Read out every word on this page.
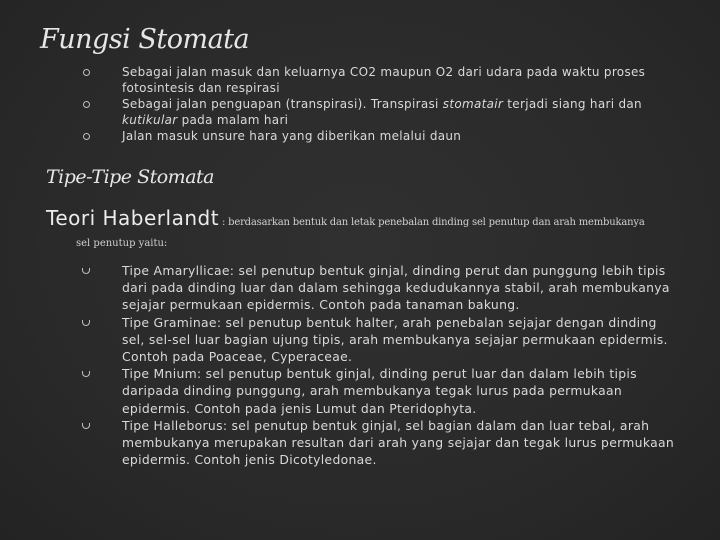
Fungsi Stomata
Sebagai jalan masuk dan keluarnya CO2 maupun O2 dari udara pada waktu proses fotosintesis dan respirasi
Sebagai jalan penguapan (transpirasi). Transpirasi stomatair terjadi siang hari dan kutikular pada malam hari
Jalan masuk unsure hara yang diberikan melalui daun
Tipe-Tipe Stomata
Teori Haberlandt : berdasarkan bentuk dan letak penebalan dinding sel penutup dan arah membukanya
sel penutup yaitu:
Tipe Amaryllicae: sel penutup bentuk ginjal, dinding perut dan punggung lebih tipis dari pada dinding luar dan dalam sehingga kedudukannya stabil, arah membukanya sejajar permukaan epidermis. Contoh pada tanaman bakung.
Tipe Graminae: sel penutup bentuk halter, arah penebalan sejajar dengan dinding sel, sel-sel luar bagian ujung tipis, arah membukanya sejajar permukaan epidermis. Contoh pada Poaceae, Cyperaceae.
Tipe Mnium: sel penutup bentuk ginjal, dinding perut luar dan dalam lebih tipis daripada dinding punggung, arah membukanya tegak lurus pada permukaan epidermis. Contoh pada jenis Lumut dan Pteridophyta.
Tipe Halleborus: sel penutup bentuk ginjal, sel bagian dalam dan luar tebal, arah membukanya merupakan resultan dari arah yang sejajar dan tegak lurus permukaan epidermis. Contoh jenis Dicotyledonae.
